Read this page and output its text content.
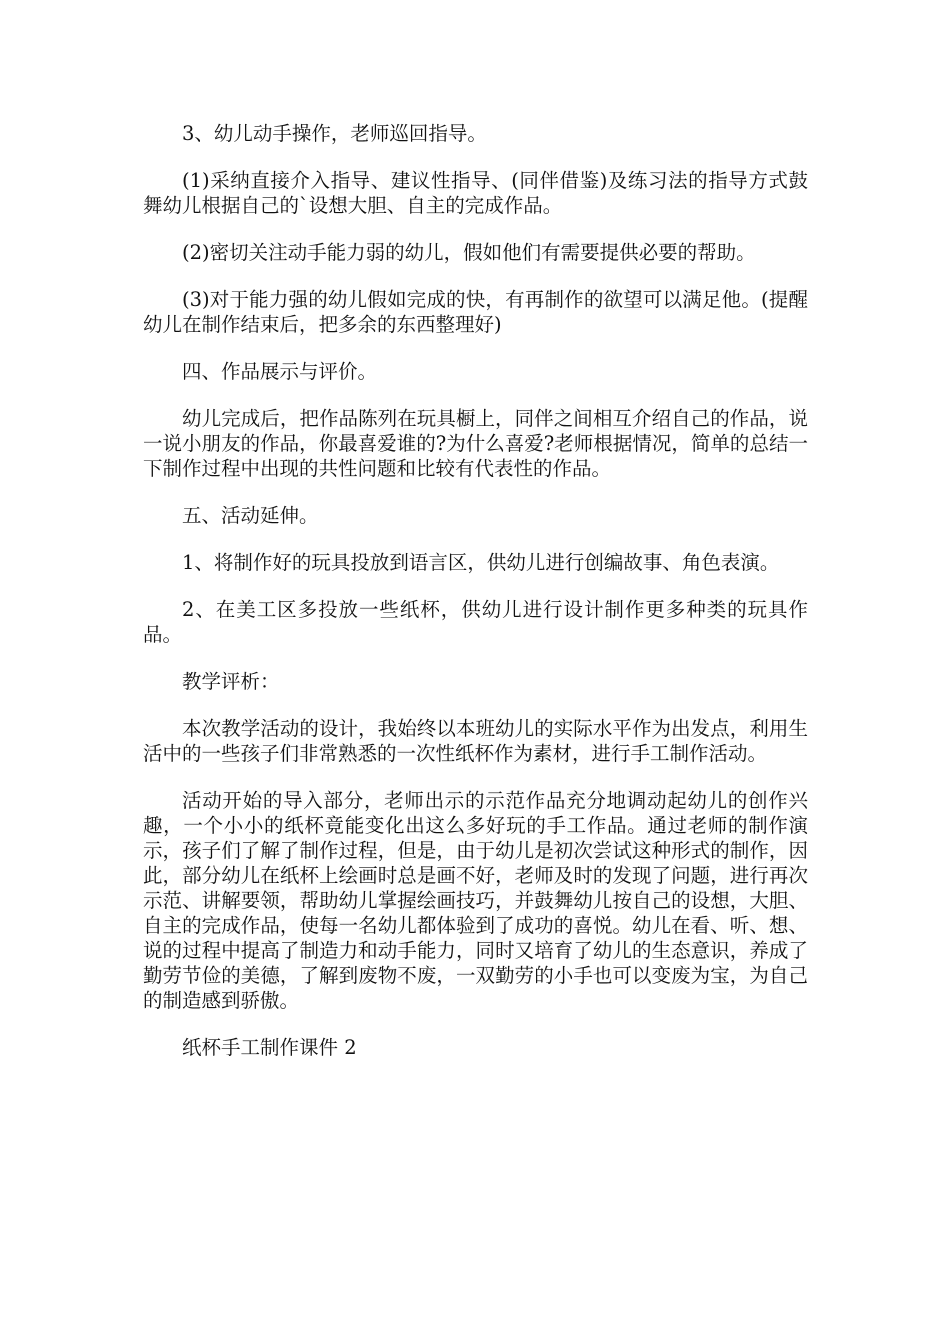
3、幼儿动手操作，老师巡回指导。

(1)采纳直接介入指导、建议性指导、(同伴借鉴)及练习法的指导方式鼓舞幼儿根据自己的`设想大胆、自主的完成作品。

(2)密切关注动手能力弱的幼儿，假如他们有需要提供必要的帮助。

(3)对于能力强的幼儿假如完成的快，有再制作的欲望可以满足他。(提醒幼儿在制作结束后，把多余的东西整理好)

四、作品展示与评价。

幼儿完成后，把作品陈列在玩具橱上，同伴之间相互介绍自己的作品，说一说小朋友的作品，你最喜爱谁的?为什么喜爱?老师根据情况，简单的总结一下制作过程中出现的共性问题和比较有代表性的作品。

五、活动延伸。

1、将制作好的玩具投放到语言区，供幼儿进行创编故事、角色表演。

2、在美工区多投放一些纸杯，供幼儿进行设计制作更多种类的玩具作品。

教学评析：

本次教学活动的设计，我始终以本班幼儿的实际水平作为出发点，利用生活中的一些孩子们非常熟悉的一次性纸杯作为素材，进行手工制作活动。

活动开始的导入部分，老师出示的示范作品充分地调动起幼儿的创作兴趣，一个小小的纸杯竟能变化出这么多好玩的手工作品。通过老师的制作演示，孩子们了解了制作过程，但是，由于幼儿是初次尝试这种形式的制作，因此，部分幼儿在纸杯上绘画时总是画不好，老师及时的发现了问题，进行再次示范、讲解要领，帮助幼儿掌握绘画技巧，并鼓舞幼儿按自己的设想，大胆、自主的完成作品，使每一名幼儿都体验到了成功的喜悦。幼儿在看、听、想、说的过程中提高了制造力和动手能力，同时又培育了幼儿的生态意识，养成了勤劳节俭的美德，了解到废物不废，一双勤劳的小手也可以变废为宝，为自己的制造感到骄傲。

纸杯手工制作课件 2
